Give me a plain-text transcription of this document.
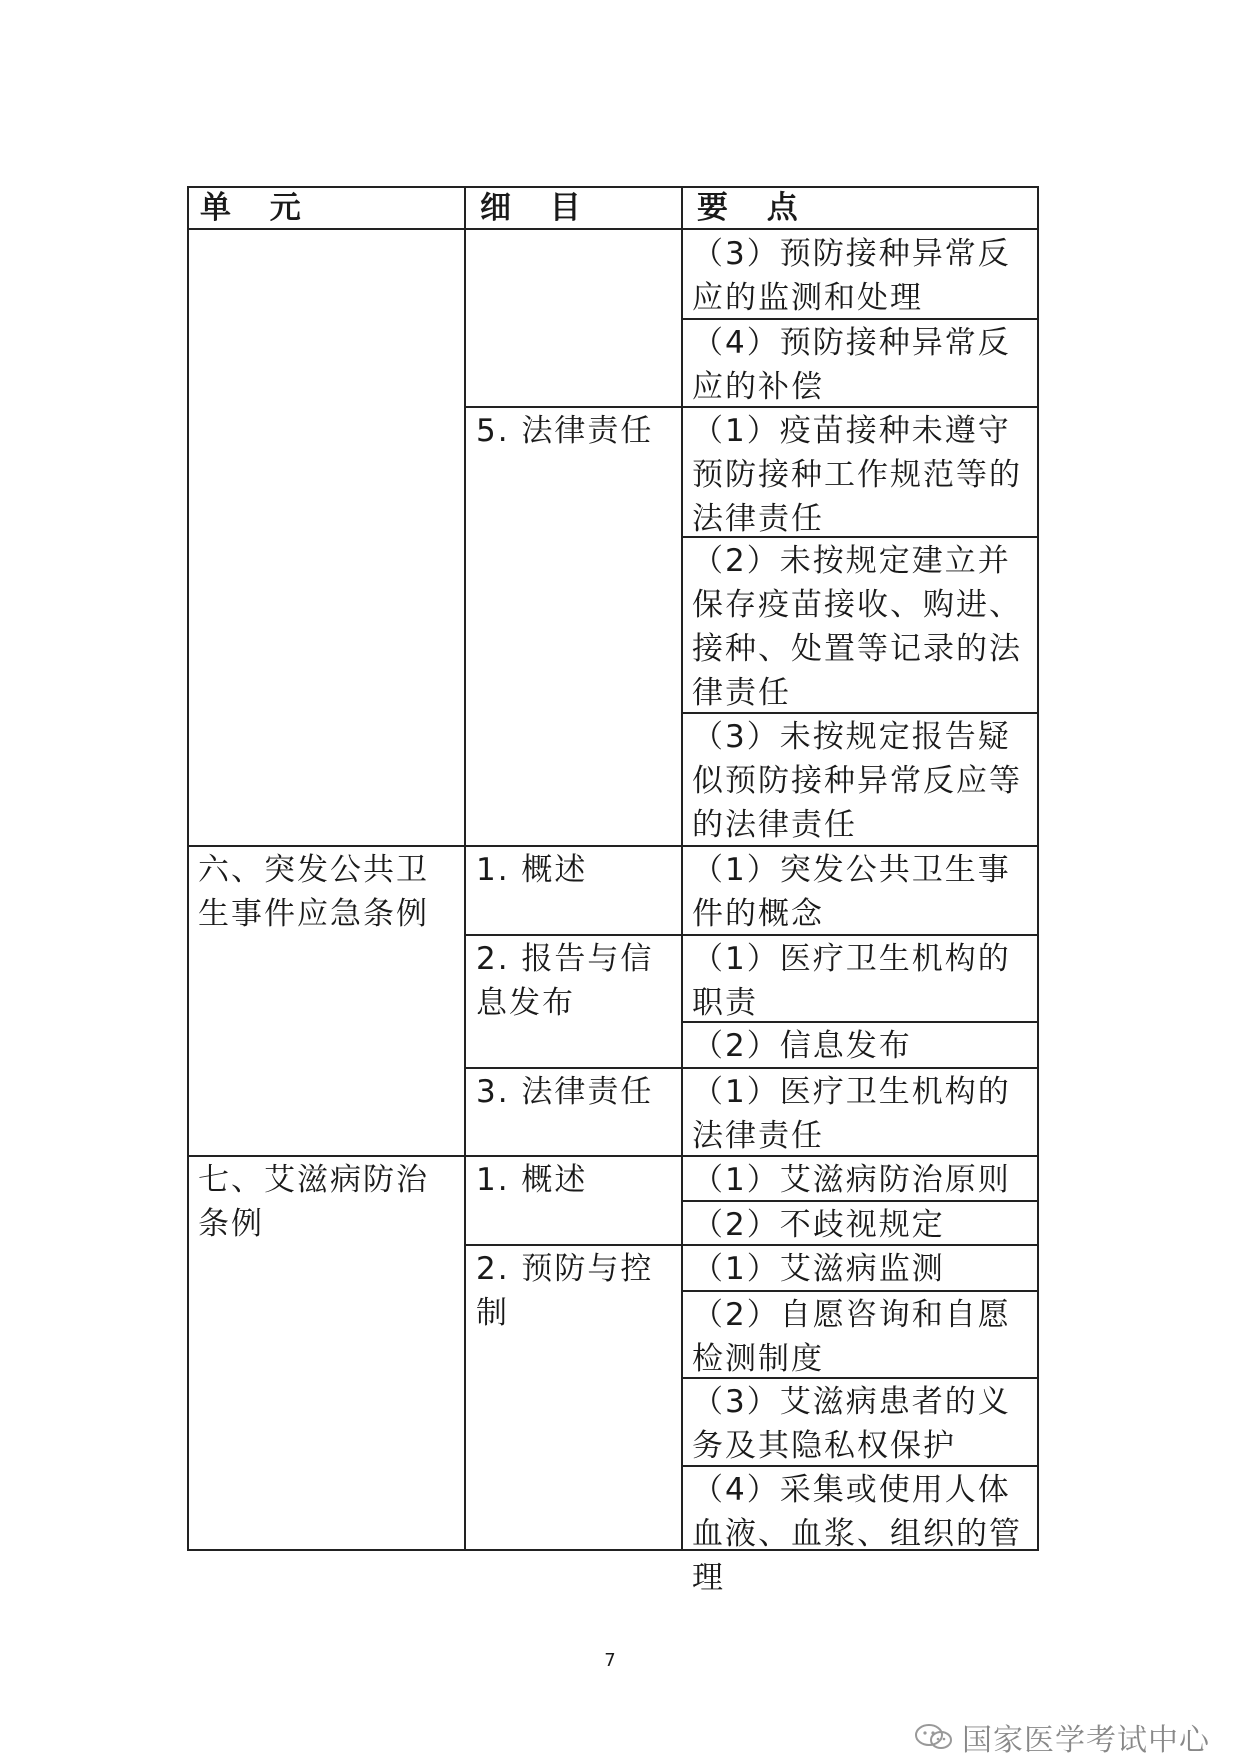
单 元	细 目	要 点
六、突发公共卫生事件应急条例
七、艾滋病防治条例
5. 法律责任
1. 概述
2. 报告与信息发布
3. 法律责任
1. 概述
2. 预防与控制
（3）预防接种异常反应的监测和处理
（4）预防接种异常反应的补偿
（1）疫苗接种未遵守预防接种工作规范等的法律责任
（2）未按规定建立并保存疫苗接收、购进、接种、处置等记录的法律责任
（3）未按规定报告疑似预防接种异常反应等的法律责任
（1）突发公共卫生事件的概念
（1）医疗卫生机构的职责
（2）信息发布
（1）医疗卫生机构的法律责任
（1）艾滋病防治原则
（2）不歧视规定
（1）艾滋病监测
（2）自愿咨询和自愿检测制度
（3）艾滋病患者的义务及其隐私权保护
（4）采集或使用人体血液、血浆、组织的管理
7
国家医学考试中心
